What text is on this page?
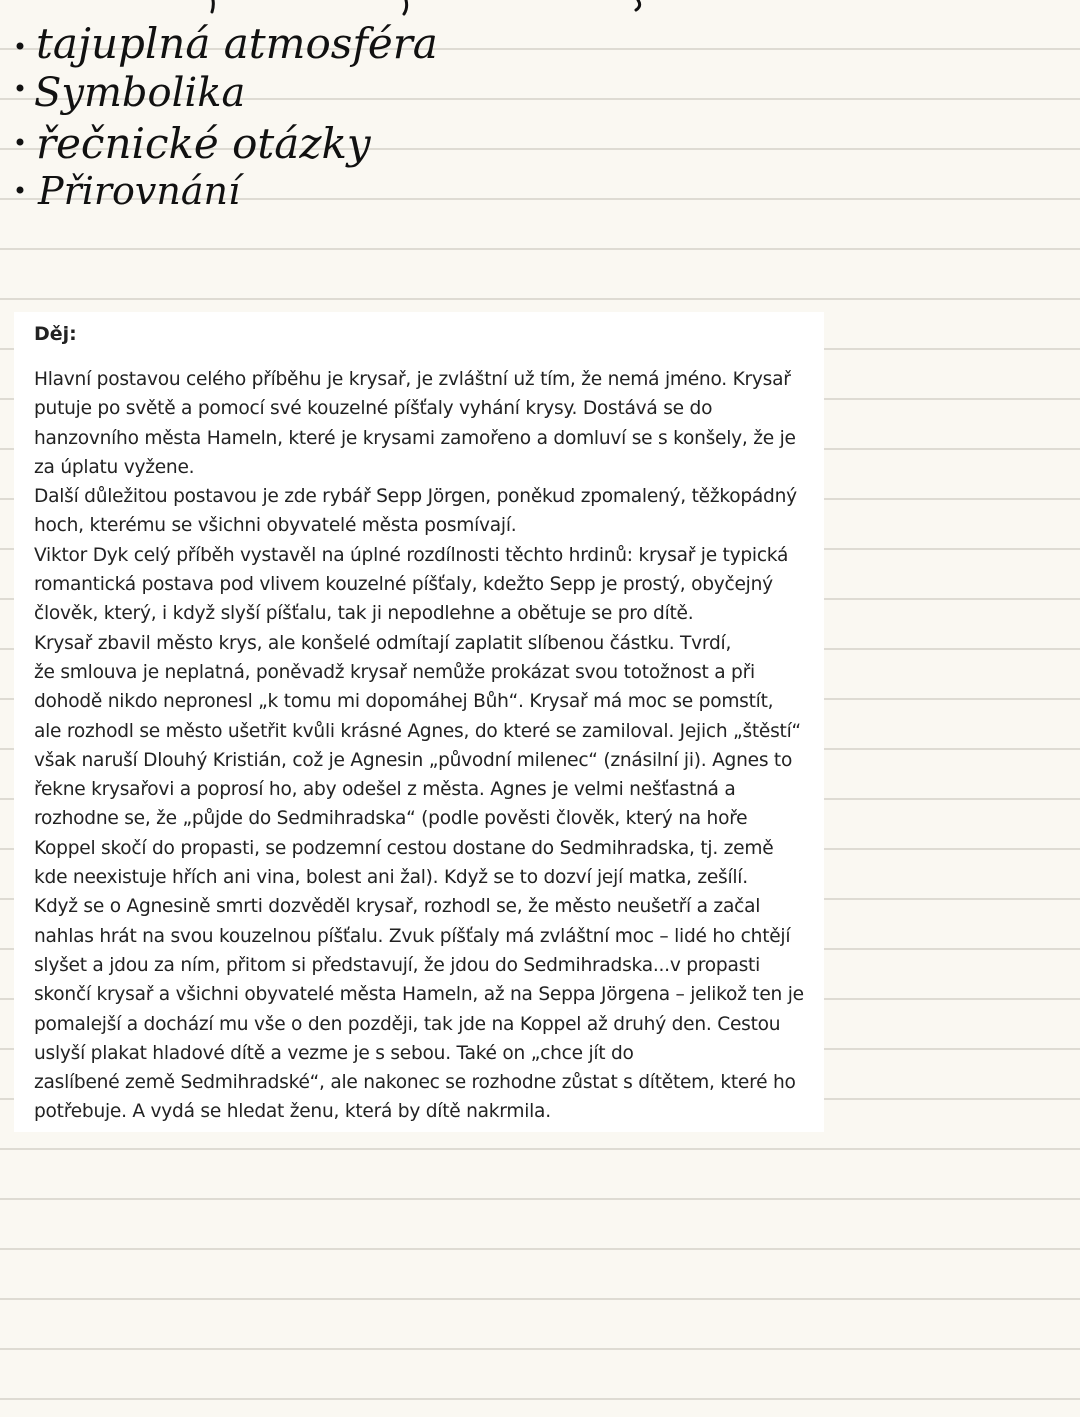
tajuplná atmosféra
Symbolika
řečnické otázky
Přirovnání
Děj:

Hlavní postavou celého příběhu je krysař, je zvláštní už tím, že nemá jméno. Krysař

putuje po světě a pomocí své kouzelné píšťaly vyhání krysy. Dostává se do

hanzovního města Hameln, které je krysami zamořeno a domluví se s konšely, že je

za úplatu vyžene.

Další důležitou postavou je zde rybář Sepp Jörgen, poněkud zpomalený, těžkopádný

hoch, kterému se všichni obyvatelé města posmívají.

Viktor Dyk celý příběh vystavěl na úplné rozdílnosti těchto hrdinů: krysař je typická

romantická postava pod vlivem kouzelné píšťaly, kdežto Sepp je prostý, obyčejný

člověk, který, i když slyší píšťalu, tak ji nepodlehne a obětuje se pro dítě.

Krysař zbavil město krys, ale konšelé odmítají zaplatit slíbenou částku. Tvrdí,

že smlouva je neplatná, poněvadž krysař nemůže prokázat svou totožnost a při

dohodě nikdo nepronesl „k tomu mi dopomáhej Bůh“. Krysař má moc se pomstít,

ale rozhodl se město ušetřit kvůli krásné Agnes, do které se zamiloval. Jejich „štěstí“

však naruší Dlouhý Kristián, což je Agnesin „původní milenec“ (znásilní ji). Agnes to

řekne krysařovi a poprosí ho, aby odešel z města. Agnes je velmi nešťastná a

rozhodne se, že „půjde do Sedmihradska“ (podle pověsti člověk, který na hoře

Koppel skočí do propasti, se podzemní cestou dostane do Sedmihradska, tj. země

kde neexistuje hřích ani vina, bolest ani žal). Když se to dozví její matka, zešílí.

Když se o Agnesině smrti dozvěděl krysař, rozhodl se, že město neušetří a začal

nahlas hrát na svou kouzelnou píšťalu. Zvuk píšťaly má zvláštní moc – lidé ho chtějí

slyšet a jdou za ním, přitom si představují, že jdou do Sedmihradska...v propasti

skončí krysař a všichni obyvatelé města Hameln, až na Seppa Jörgena – jelikož ten je

pomalejší a dochází mu vše o den později, tak jde na Koppel až druhý den. Cestou

uslyší plakat hladové dítě a vezme je s sebou. Také on „chce jít do

zaslíbené země Sedmihradské“, ale nakonec se rozhodne zůstat s dítětem, které ho

potřebuje. A vydá se hledat ženu, která by dítě nakrmila.
